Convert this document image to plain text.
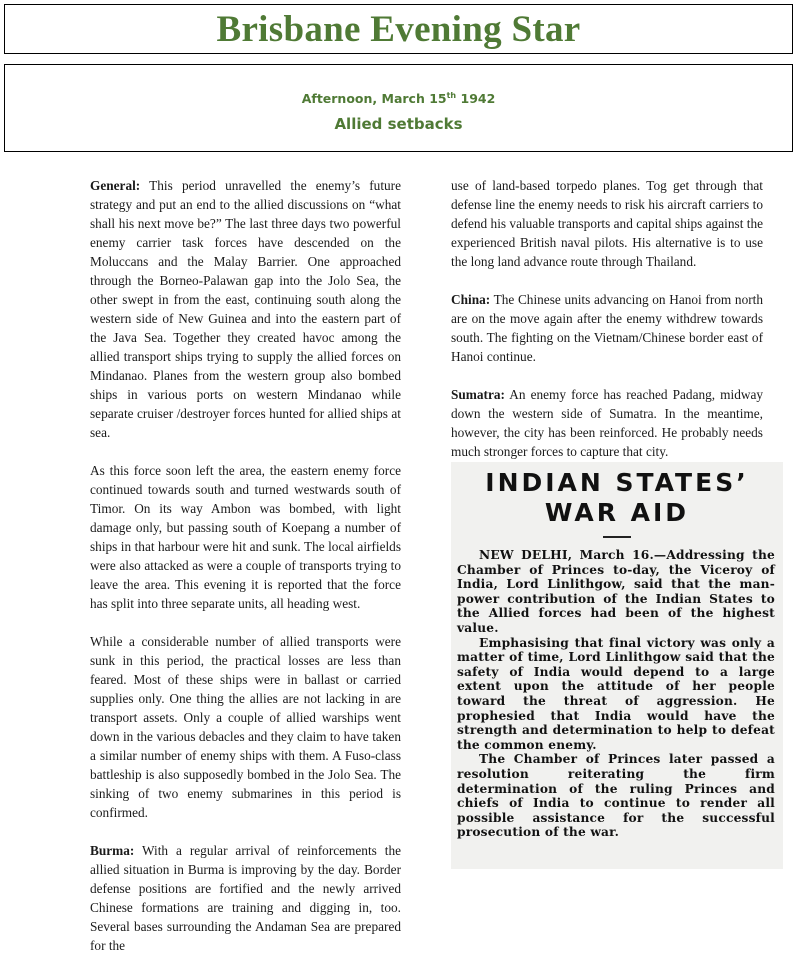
Brisbane Evening Star
Afternoon, March 15th 1942
Allied setbacks

General: This period unravelled the enemy’s future strategy and put an end to the allied discussions on “what shall his next move be?” The last three days two powerful enemy carrier task forces have descended on the Moluccans and the Malay Barrier. One approached through the Borneo-Palawan gap into the Jolo Sea, the other swept in from the east, continuing south along the western side of New Guinea and into the eastern part of the Java Sea. Together they created havoc among the allied transport ships trying to supply the allied forces on Mindanao. Planes from the western group also bombed ships in various ports on western Mindanao while separate cruiser /destroyer forces hunted for allied ships at sea.

As this force soon left the area, the eastern enemy force continued towards south and turned westwards south of Timor. On its way Ambon was bombed, with light damage only, but passing south of Koepang a number of ships in that harbour were hit and sunk. The local airfields were also attacked as were a couple of transports trying to leave the area. This evening it is reported that the force has split into three separate units, all heading west.

While a considerable number of allied transports were sunk in this period, the practical losses are less than feared. Most of these ships were in ballast or carried supplies only. One thing the allies are not lacking in are transport assets. Only a couple of allied warships went down in the various debacles and they claim to have taken a similar number of enemy ships with them. A Fuso-class battleship is also supposedly bombed in the Jolo Sea. The sinking of two enemy submarines in this period is confirmed.

Burma: With a regular arrival of reinforcements the allied situation in Burma is improving by the day. Border defense positions are fortified and the newly arrived Chinese formations are training and digging in, too. Several bases surrounding the Andaman Sea are prepared for the

use of land-based torpedo planes. Tog get through that defense line the enemy needs to risk his aircraft carriers to defend his valuable transports and capital ships against the experienced British naval pilots. His alternative is to use the long land advance route through Thailand.

China: The Chinese units advancing on Hanoi from north are on the move again after the enemy withdrew towards south. The fighting on the Vietnam/Chinese border east of Hanoi continue.

Sumatra: An enemy force has reached Padang, midway down the western side of Sumatra. In the meantime, however, the city has been reinforced. He probably needs much stronger forces to capture that city.

INDIAN STATES’
WAR AID

NEW DELHI, March 16.—Addressing the Chamber of Princes to-day, the Viceroy of India, Lord Linlithgow, said that the man-power contribution of the Indian States to the Allied forces had been of the highest value.

Emphasising that final victory was only a matter of time, Lord Linlithgow said that the safety of India would depend to a large extent upon the attitude of her people toward the threat of aggression. He prophesied that India would have the strength and determination to help to defeat the common enemy.

The Chamber of Princes later passed a resolution reiterating the firm determination of the ruling Princes and chiefs of India to continue to render all possible assistance for the successful prosecution of the war.
